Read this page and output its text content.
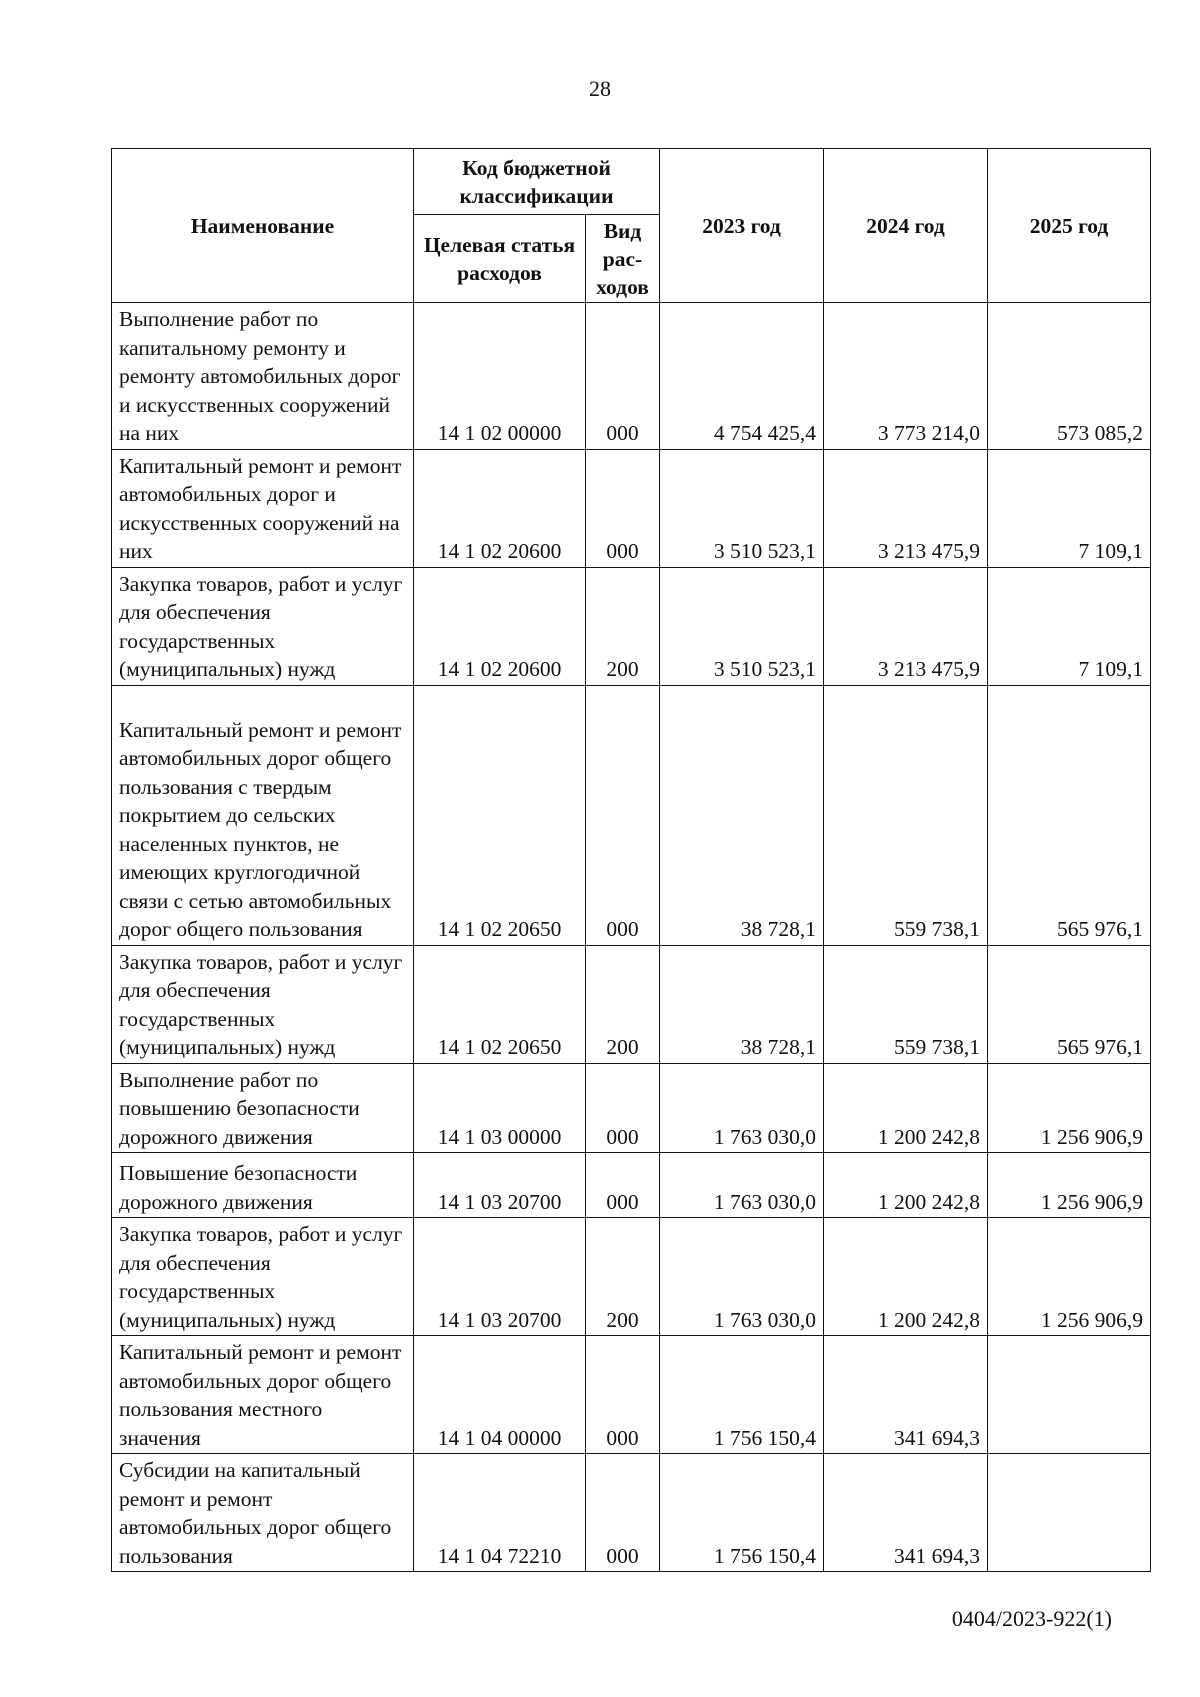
28
Наименование	Код бюджетной классификации		2023 год	2024 год	2025 год
	Целевая статья расходов	Вид рас-ходов			
Выполнение работ по капитальному ремонту и ремонту автомобильных дорог и искусственных сооружений на них	14 1 02 00000	000	4 754 425,4	3 773 214,0	573 085,2
Капитальный ремонт и ремонт автомобильных дорог и искусственных сооружений на них	14 1 02 20600	000	3 510 523,1	3 213 475,9	7 109,1
Закупка товаров, работ и услуг для обеспечения государственных (муниципальных) нужд	14 1 02 20600	200	3 510 523,1	3 213 475,9	7 109,1
Капитальный ремонт и ремонт автомобильных дорог общего пользования с твердым покрытием до сельских населенных пунктов, не имеющих круглогодичной связи с сетью автомобильных дорог общего пользования	14 1 02 20650	000	38 728,1	559 738,1	565 976,1
Закупка товаров, работ и услуг для обеспечения государственных (муниципальных) нужд	14 1 02 20650	200	38 728,1	559 738,1	565 976,1
Выполнение работ по повышению безопасности дорожного движения	14 1 03 00000	000	1 763 030,0	1 200 242,8	1 256 906,9
Повышение безопасности дорожного движения	14 1 03 20700	000	1 763 030,0	1 200 242,8	1 256 906,9
Закупка товаров, работ и услуг для обеспечения государственных (муниципальных) нужд	14 1 03 20700	200	1 763 030,0	1 200 242,8	1 256 906,9
Капитальный ремонт и ремонт автомобильных дорог общего пользования местного значения	14 1 04 00000	000	1 756 150,4	341 694,3	
Субсидии на капитальный ремонт и ремонт автомобильных дорог общего пользования	14 1 04 72210	000	1 756 150,4	341 694,3	
0404/2023-922(1)
